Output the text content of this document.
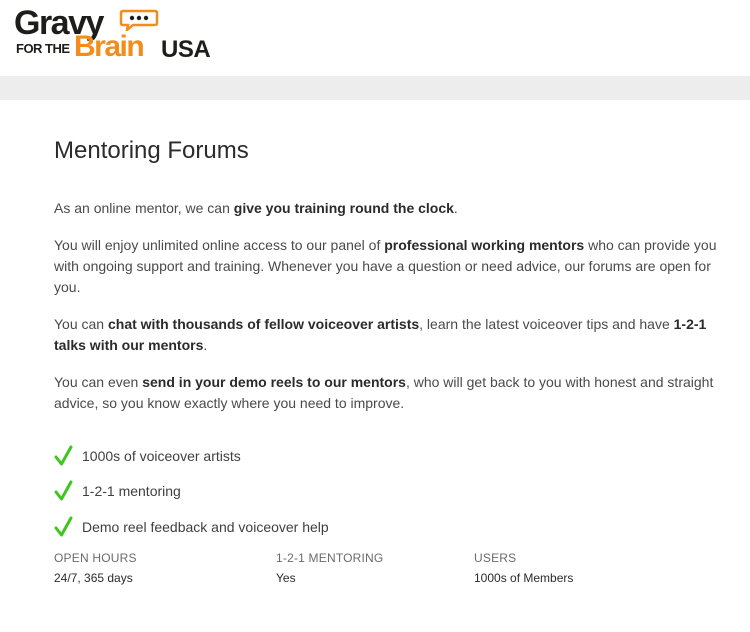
Gravy
FOR THE Brain USA
Mentoring Forums

As an online mentor, we can give you training round the clock.

You will enjoy unlimited online access to our panel of professional working mentors who can provide you with ongoing support and training. Whenever you have a question or need advice, our forums are open for you.

You can chat with thousands of fellow voiceover artists, learn the latest voiceover tips and have 1-2-1 talks with our mentors.

You can even send in your demo reels to our mentors, who will get back to you with honest and straight advice, so you know exactly where you need to improve.

1000s of voiceover artists
1-2-1 mentoring
Demo reel feedback and voiceover help
OPEN HOURS
24/7, 365 days
1-2-1 MENTORING
Yes
USERS
1000s of Members
